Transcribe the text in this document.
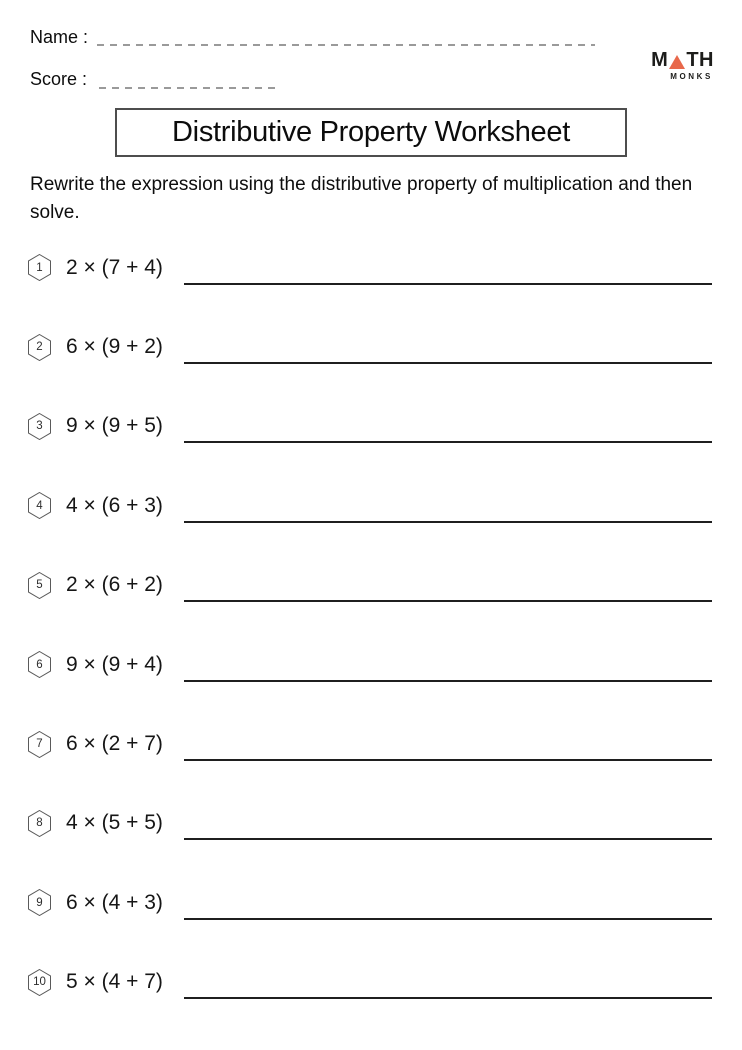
Name :
Score :
M TH
MONKS
Distributive Property Worksheet
Rewrite the expression using the distributive property of multiplication and then solve.
1	2 × (7 + 4)
2	6 × (9 + 2)
3	9 × (9 + 5)
4	4 × (6 + 3)
5	2 × (6 + 2)
6	9 × (9 + 4)
7	6 × (2 + 7)
8	4 × (5 + 5)
9	6 × (4 + 3)
10 5 × (4 + 7)
